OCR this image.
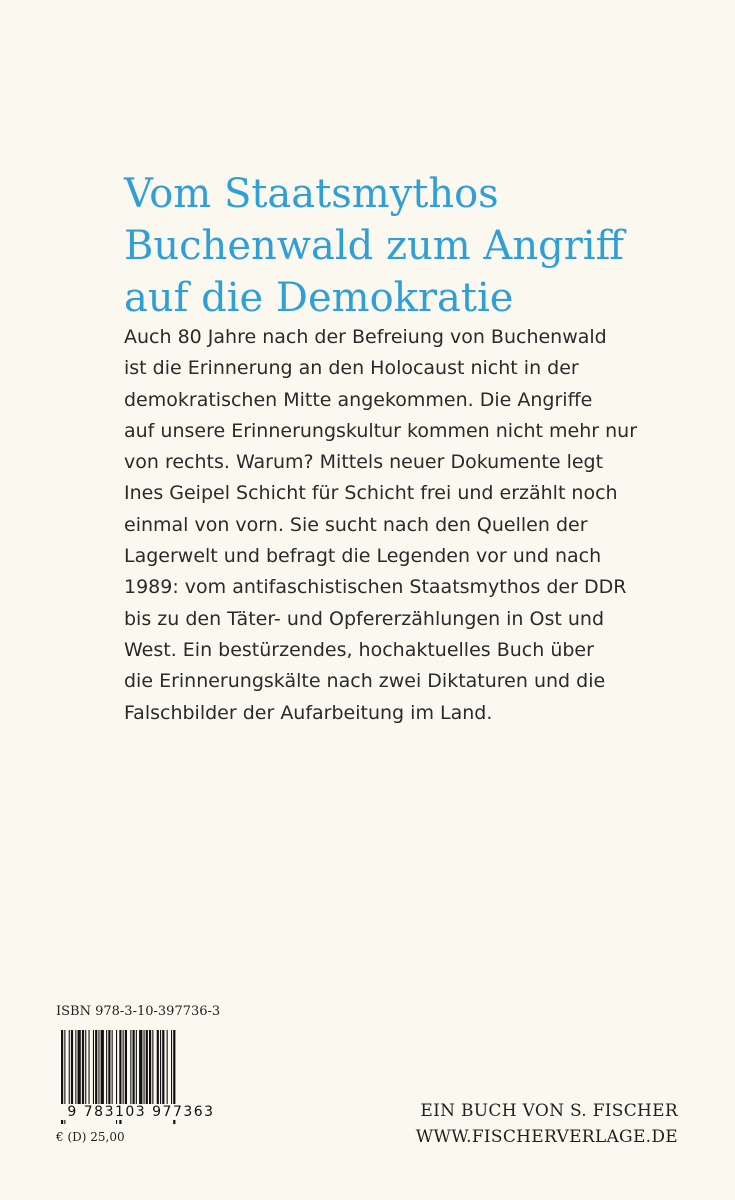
Vom Staatsmythos
Buchenwald zum Angriff
auf die Demokratie
Auch 80 Jahre nach der Befreiung von Buchenwald
ist die Erinnerung an den Holocaust nicht in der
demokratischen Mitte angekommen. Die Angriffe
auf unsere Erinnerungskultur kommen nicht mehr nur
von rechts. Warum? Mittels neuer Dokumente legt
Ines Geipel Schicht für Schicht frei und erzählt noch
einmal von vorn. Sie sucht nach den Quellen der
Lagerwelt und befragt die Legenden vor und nach
1989: vom antifaschistischen Staatsmythos der DDR
bis zu den Täter- und Opfererzählungen in Ost und
West. Ein bestürzendes, hochaktuelles Buch über
die Erinnerungskälte nach zwei Diktaturen und die
Falschbilder der Aufarbeitung im Land.
ISBN 978-3-10-397736-3
9 783103 977363
€ (D) 25,00
EIN BUCH VON S. FISCHER
WWW.FISCHERVERLAGE.DE
